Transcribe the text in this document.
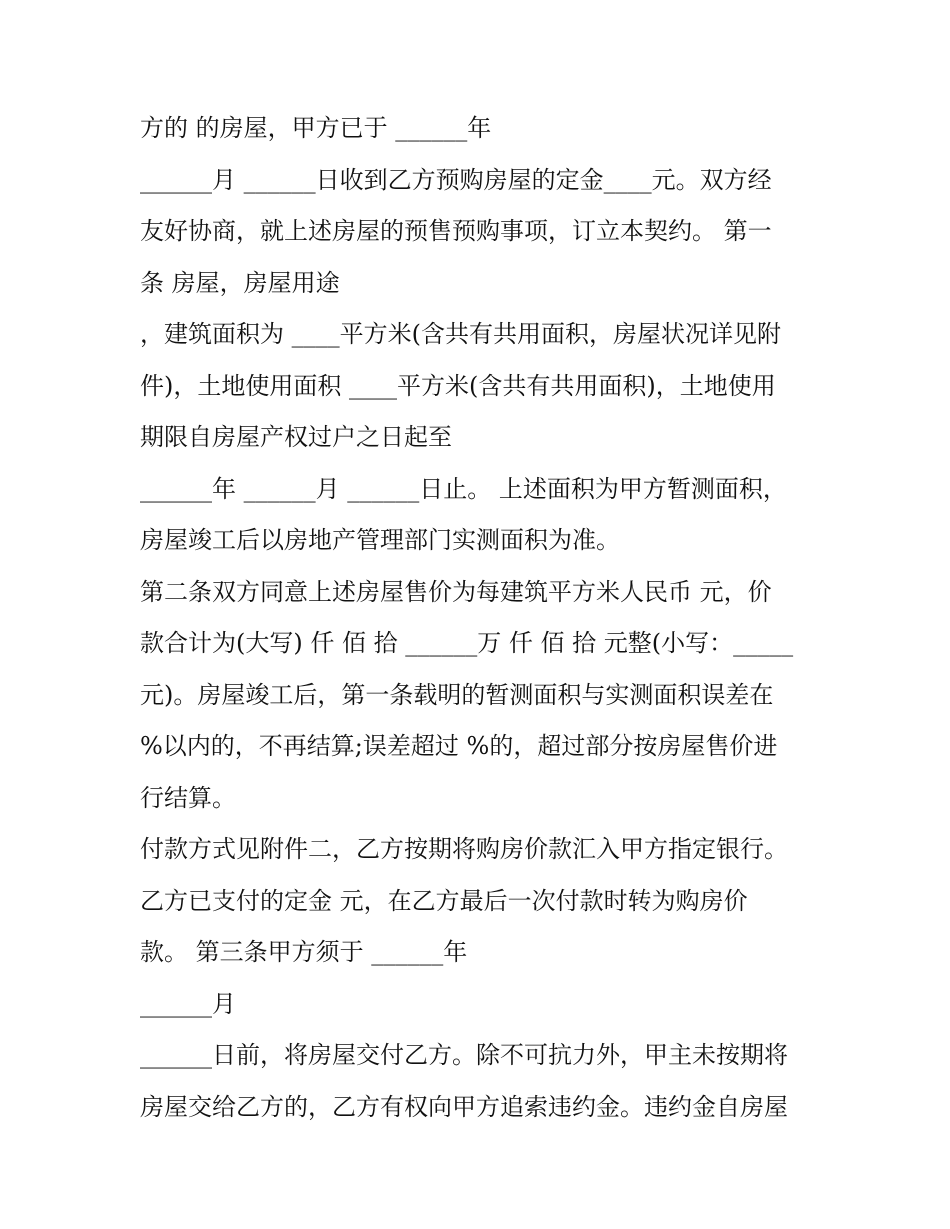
方的 的房屋，甲方已于 ______年
______月 ______日收到乙方预购房屋的定金____元。双方经
友好协商，就上述房屋的预售预购事项，订立本契约。 第一
条 房屋，房屋用途
，建筑面积为 ____平方米(含共有共用面积，房屋状况详见附
件)，土地使用面积 ____平方米(含共有共用面积)，土地使用
期限自房屋产权过户之日起至
______年 ______月 ______日止。 上述面积为甲方暂测面积，
房屋竣工后以房地产管理部门实测面积为准。
第二条双方同意上述房屋售价为每建筑平方米人民币 元，价
款合计为(大写) 仟 佰 拾 ______万 仟 佰 拾 元整(小写：_____
元)。房屋竣工后，第一条载明的暂测面积与实测面积误差在
%以内的，不再结算;误差超过 %的，超过部分按房屋售价进
行结算。
付款方式见附件二，乙方按期将购房价款汇入甲方指定银行。
乙方已支付的定金 元，在乙方最后一次付款时转为购房价
款。 第三条甲方须于 ______年
______月
______日前，将房屋交付乙方。除不可抗力外，甲主未按期将
房屋交给乙方的，乙方有权向甲方追索违约金。违约金自房屋
